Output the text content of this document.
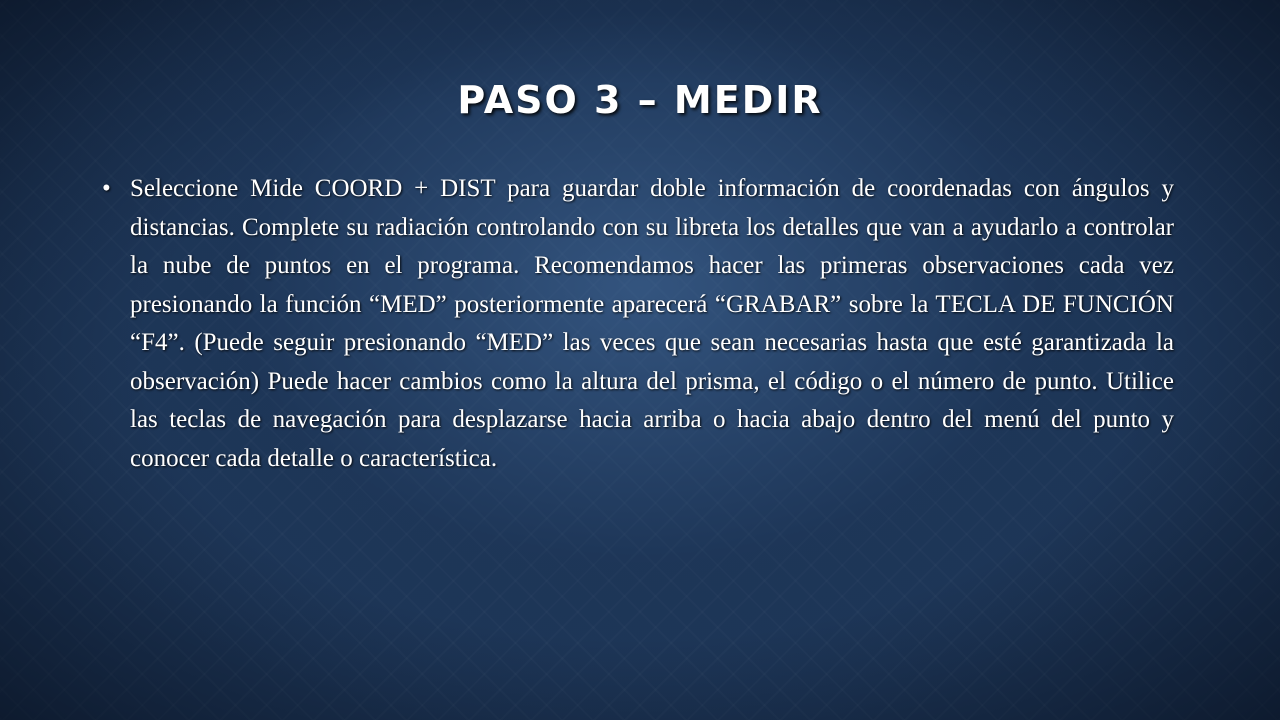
PASO 3 – MEDIR
• Seleccione Mide COORD + DIST para guardar doble información de coordenadas con ángulos y distancias. Complete su radiación controlando con su libreta los detalles que van a ayudarlo a controlar la nube de puntos en el programa. Recomendamos hacer las primeras observaciones cada vez presionando la función “MED” posteriormente aparecerá “GRABAR” sobre la TECLA DE FUNCIÓN “F4”. (Puede seguir presionando “MED” las veces que sean necesarias hasta que esté garantizada la observación) Puede hacer cambios como la altura del prisma, el código o el número de punto. Utilice las teclas de navegación para desplazarse hacia arriba o hacia abajo dentro del menú del punto y conocer cada detalle o característica.
